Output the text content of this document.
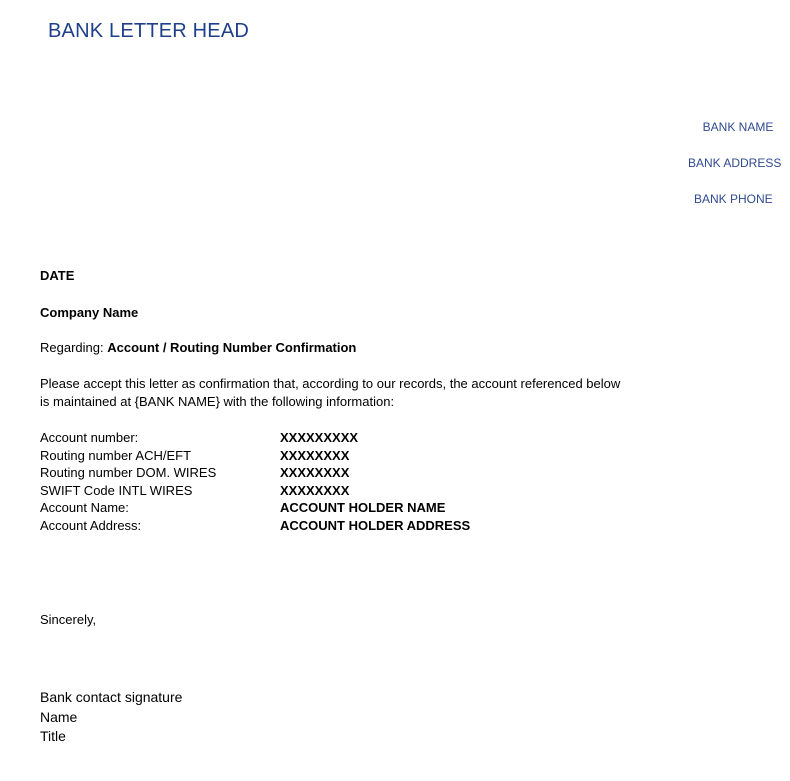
BANK LETTER HEAD
BANK NAME
BANK ADDRESS
BANK PHONE
DATE
Company Name
Regarding: Account / Routing Number Confirmation
Please accept this letter as confirmation that, according to our records, the account referenced below
is maintained at {BANK NAME} with the following information:
Account number:	XXXXXXXXX
Routing number ACH/EFT	XXXXXXXX
Routing number DOM. WIRES	XXXXXXXX
SWIFT Code INTL WIRES	XXXXXXXX
Account Name:	ACCOUNT HOLDER NAME
Account Address:	ACCOUNT HOLDER ADDRESS
Sincerely,
Bank contact signature
Name
Title
